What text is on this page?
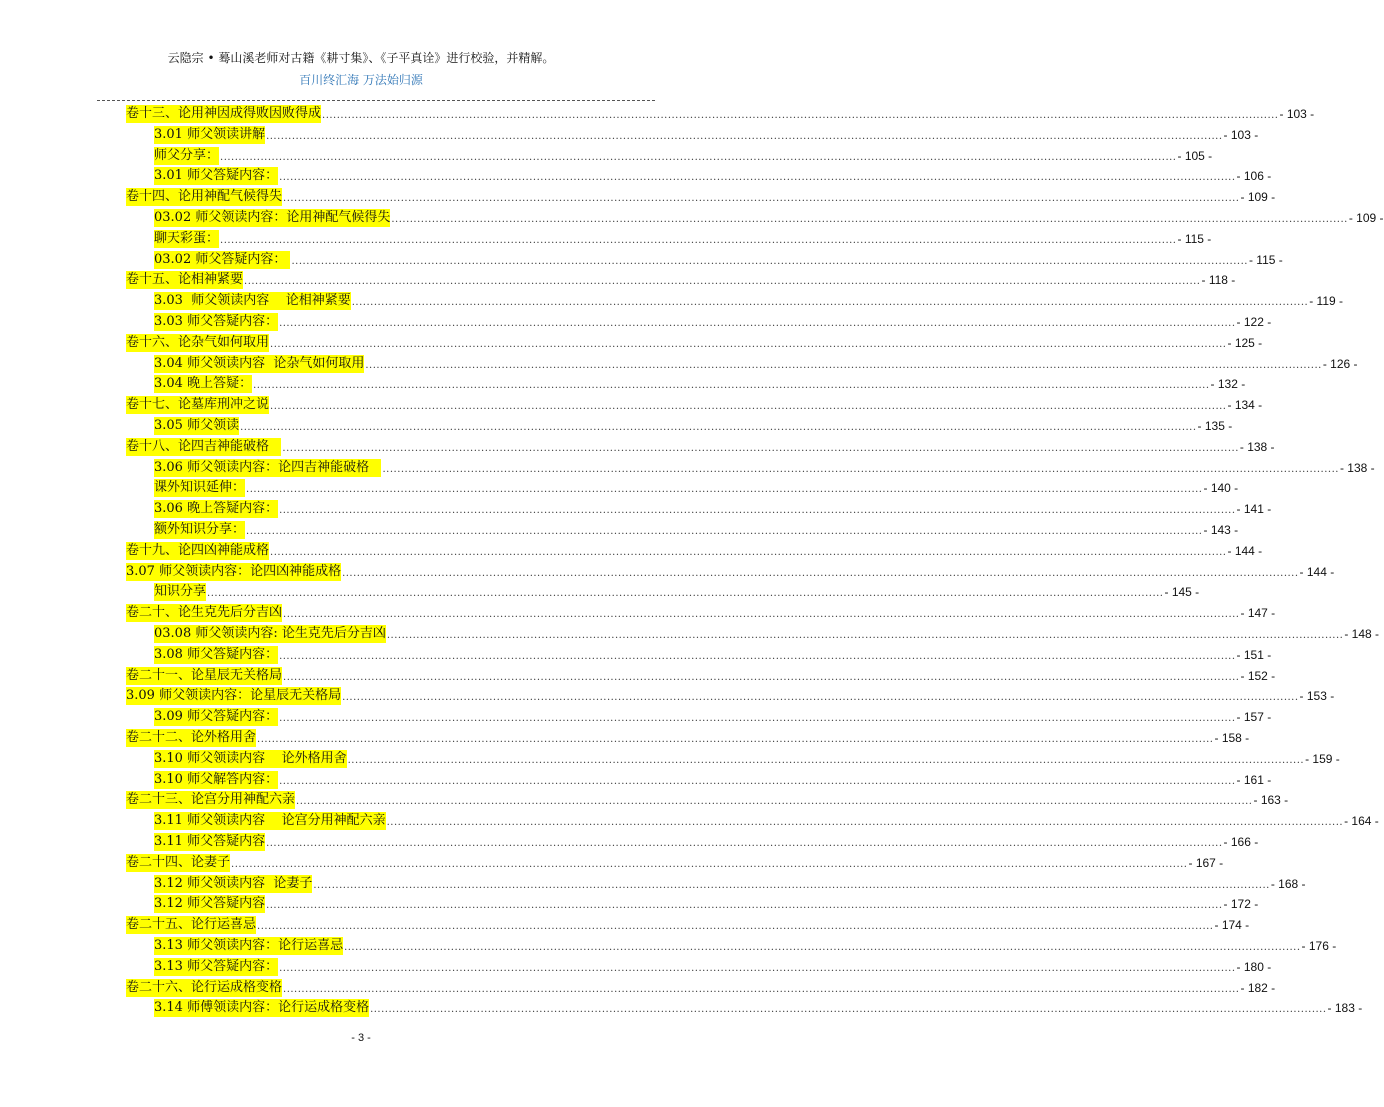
云隐宗 • 蓦山溪老师对古籍《耕寸集》、《子平真诠》进行校验，并精解。
百川终汇海 万法始归源
卷十三、论用神因成得败因败得成 .................................................................................................................................................................................................................................................................... - 103 -
3.01 师父领读讲解 .................................................................................................................................................................................................................................................................... - 103 -
师父分享： .................................................................................................................................................................................................................................................................... - 105 -
3.01 师父答疑内容： .................................................................................................................................................................................................................................................................... - 106 -
卷十四、论用神配气候得失 .................................................................................................................................................................................................................................................................... - 109 -
03.02 师父领读内容：论用神配气候得失 .................................................................................................................................................................................................................................................................... - 109 -
聊天彩蛋： .................................................................................................................................................................................................................................................................... - 115 -
03.02 师父答疑内容： .................................................................................................................................................................................................................................................................... - 115 -
卷十五、论相神紧要 .................................................................................................................................................................................................................................................................... - 118 -
3.03  师父领读内容    论相神紧要 .................................................................................................................................................................................................................................................................... - 119 -
3.03 师父答疑内容： .................................................................................................................................................................................................................................................................... - 122 -
卷十六、论杂气如何取用 .................................................................................................................................................................................................................................................................... - 125 -
3.04 师父领读内容  论杂气如何取用 .................................................................................................................................................................................................................................................................... - 126 -
3.04 晚上答疑： .................................................................................................................................................................................................................................................................... - 132 -
卷十七、论墓库刑冲之说 .................................................................................................................................................................................................................................................................... - 134 -
3.05 师父领读 .................................................................................................................................................................................................................................................................... - 135 -
卷十八、论四吉神能破格 .................................................................................................................................................................................................................................................................... - 138 -
3.06 师父领读内容：论四吉神能破格 .................................................................................................................................................................................................................................................................... - 138 -
课外知识延伸： .................................................................................................................................................................................................................................................................... - 140 -
3.06 晚上答疑内容： .................................................................................................................................................................................................................................................................... - 141 -
额外知识分享： .................................................................................................................................................................................................................................................................... - 143 -
卷十九、论四凶神能成格 .................................................................................................................................................................................................................................................................... - 144 -
3.07 师父领读内容：论四凶神能成格 .................................................................................................................................................................................................................................................................... - 144 -
知识分享 .................................................................................................................................................................................................................................................................... - 145 -
卷二十、论生克先后分吉凶 .................................................................................................................................................................................................................................................................... - 147 -
03.08 师父领读内容: 论生克先后分吉凶 .................................................................................................................................................................................................................................................................... - 148 -
3.08 师父答疑内容： .................................................................................................................................................................................................................................................................... - 151 -
卷二十一、论星辰无关格局 .................................................................................................................................................................................................................................................................... - 152 -
3.09 师父领读内容：论星辰无关格局 .................................................................................................................................................................................................................................................................... - 153 -
3.09 师父答疑内容： .................................................................................................................................................................................................................................................................... - 157 -
卷二十二、论外格用舍 .................................................................................................................................................................................................................................................................... - 158 -
3.10 师父领读内容    论外格用舍 .................................................................................................................................................................................................................................................................... - 159 -
3.10 师父解答内容： .................................................................................................................................................................................................................................................................... - 161 -
卷二十三、论宫分用神配六亲 .................................................................................................................................................................................................................................................................... - 163 -
3.11 师父领读内容    论宫分用神配六亲 .................................................................................................................................................................................................................................................................... - 164 -
3.11 师父答疑内容 .................................................................................................................................................................................................................................................................... - 166 -
卷二十四、论妻子 .................................................................................................................................................................................................................................................................... - 167 -
3.12 师父领读内容  论妻子 .................................................................................................................................................................................................................................................................... - 168 -
3.12 师父答疑内容 .................................................................................................................................................................................................................................................................... - 172 -
卷二十五、论行运喜忌 .................................................................................................................................................................................................................................................................... - 174 -
3.13 师父领读内容：论行运喜忌 .................................................................................................................................................................................................................................................................... - 176 -
3.13 师父答疑内容： .................................................................................................................................................................................................................................................................... - 180 -
卷二十六、论行运成格变格 .................................................................................................................................................................................................................................................................... - 182 -
3.14 师傅领读内容：论行运成格变格 .................................................................................................................................................................................................................................................................... - 183 -
- 3 -
